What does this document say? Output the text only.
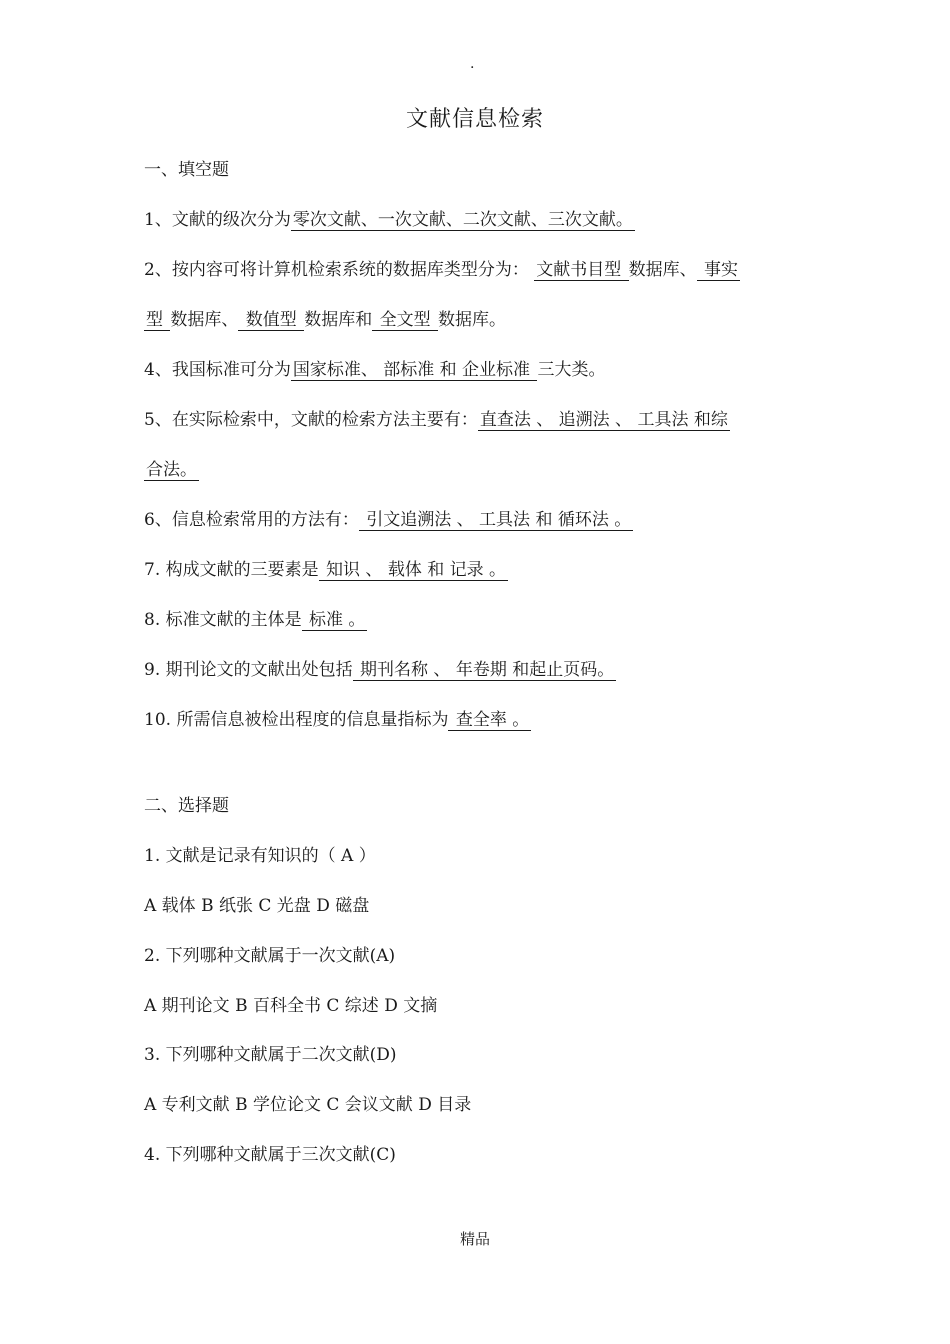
.
文献信息检索
一、填空题
1、文献的级次分为 零次文献、一次文献、二次文献、三次文献。
2、按内容可将计算机检索系统的数据库类型分为： 文献书目型 数据库、 事实
型 数据库、 数值型 数据库和 全文型 数据库。
4、我国标准可分为 国家标准、 部标准 和 企业标准 三大类。
5、在实际检索中，文献的检索方法主要有： 直查法 、 追溯法 、 工具法 和综
合法。
6、信息检索常用的方法有： 引文追溯法 、 工具法 和 循环法 。
7. 构成文献的三要素是 知识 、 载体 和 记录 。
8. 标准文献的主体是 标准 。
9. 期刊论文的文献出处包括 期刊名称 、 年卷期 和起止页码。
10. 所需信息被检出程度的信息量指标为 查全率 。
二、选择题
1. 文献是记录有知识的（ A ）
A 载体 B 纸张 C 光盘 D 磁盘
2. 下列哪种文献属于一次文献(A)
A 期刊论文 B 百科全书 C 综述 D 文摘
3. 下列哪种文献属于二次文献(D)
A 专利文献 B 学位论文 C 会议文献 D 目录
4. 下列哪种文献属于三次文献(C)
精品
